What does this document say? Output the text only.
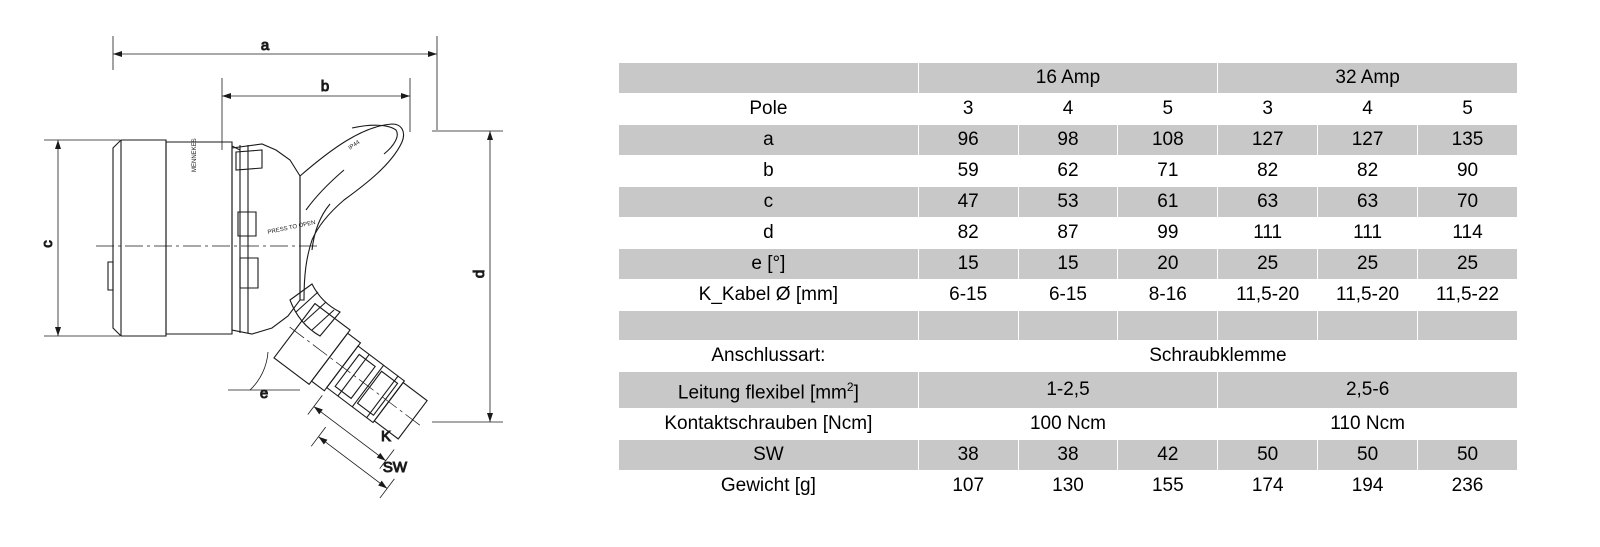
a
b
c
d
e
K
SW
MENNEKES
PRESS TO OPEN
IP44
	16 Amp			32 Amp		
Pole	3	4	5	3	4	5
a	96	98	108	127	127	135
b	59	62	71	82	82	90
c	47	53	61	63	63	70
d	82	87	99	111	111	114
e [°]	15	15	20	25	25	25
K_Kabel Ø [mm]	6-15	6-15	8-16	11,5-20	11,5-20	11,5-22

Anschlussart:	Schraubklemme					
Leitung flexibel $[mm^2]$	1-2,5			2,5-6		
Kontaktschrauben [Ncm]	100 Ncm			110 Ncm		
SW	38	38	42	50	50	50
Gewicht [g]	107	130	155	174	194	236
